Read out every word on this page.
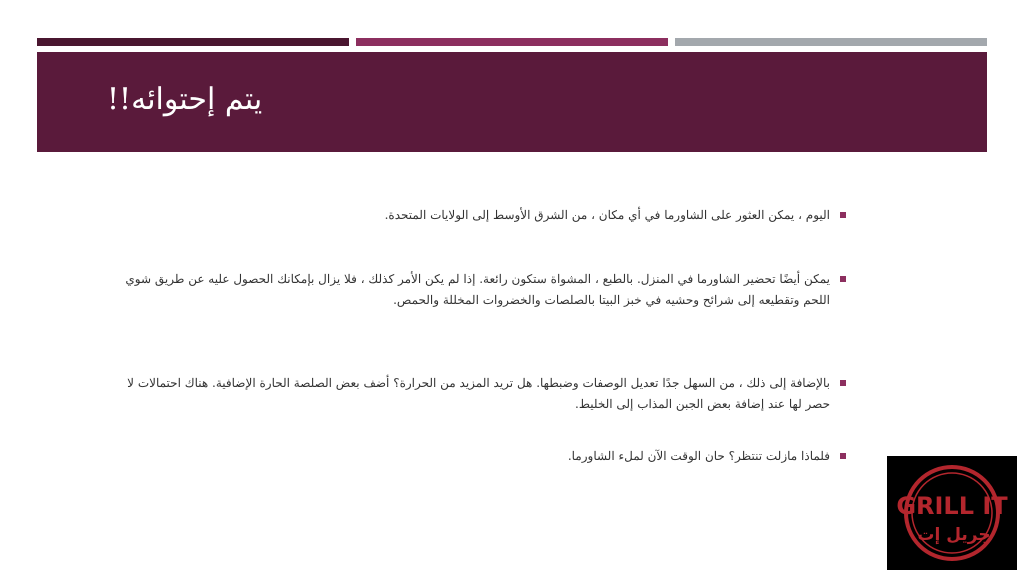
يتم إحتوائه!!
اليوم ، يمكن العثور على الشاورما في أي مكان ، من الشرق الأوسط إلى الولايات المتحدة.
يمكن أيضًا تحضير الشاورما في المنزل. بالطبع ، المشواة ستكون رائعة. إذا لم يكن الأمر كذلك ، فلا يزال بإمكانك الحصول عليه عن طريق شوي اللحم وتقطيعه إلى شرائح وحشيه في خبز البيتا بالصلصات والخضروات المخللة والحمص.
بالإضافة إلى ذلك ، من السهل جدًا تعديل الوصفات وضبطها. هل تريد المزيد من الحرارة؟ أضف بعض الصلصة الحارة الإضافية. هناك احتمالات لا حصر لها عند إضافة بعض الجبن المذاب إلى الخليط.
فلماذا مازلت تنتظر؟ حان الوقت الآن لملء الشاورما.
GRILL IT
جريل إت
